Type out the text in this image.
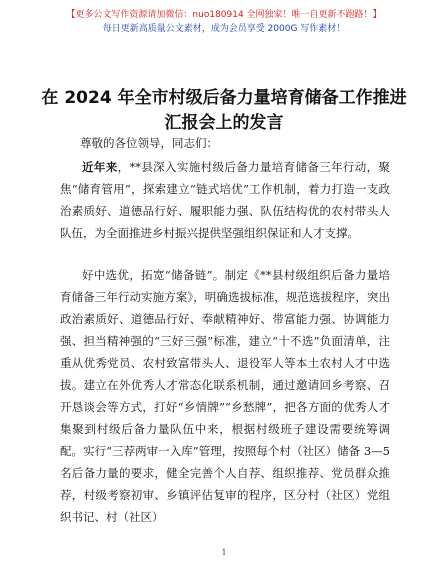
【更多公文写作资源请加微信：nuo180914 全网独家！唯一自更新不跑路！】
每日更新高质量公文素材，成为会员享受 2000G 写作素材！
在 2024 年全市村级后备力量培育储备工作推进
汇报会上的发言
尊敬的各位领导，同志们：
近年来，**县深入实施村级后备力量培育储备三年行动，聚焦“储育管用”，探索建立“链式培优”工作机制，着力打造一支政治素质好、道德品行好、履职能力强、队伍结构优的农村带头人队伍，为全面推进乡村振兴提供坚强组织保证和人才支撑。
好中选优，拓宽“储备链”。制定《**县村级组织后备力量培育储备三年行动实施方案》，明确选拔标准，规范选拔程序，突出政治素质好、道德品行好、奉献精神好、带富能力强、协调能力强、担当精神强的“三好三强”标准，建立“十不选”负面清单，注重从优秀党员、农村致富带头人、退役军人等本土农村人才中选拔。建立在外优秀人才常态化联系机制，通过邀请回乡考察、召开恳谈会等方式，打好“乡情牌”“乡愁牌”，把各方面的优秀人才集聚到村级后备力量队伍中来，根据村级班子建设需要统筹调配。实行“三荐两审一入库”管理，按照每个村（社区）储备 3—5 名后备力量的要求，健全完善个人自荐、组织推荐、党员群众推荐，村级考察初审、乡镇评估复审的程序，区分村（社区）党组织书记、村（社区）
1
